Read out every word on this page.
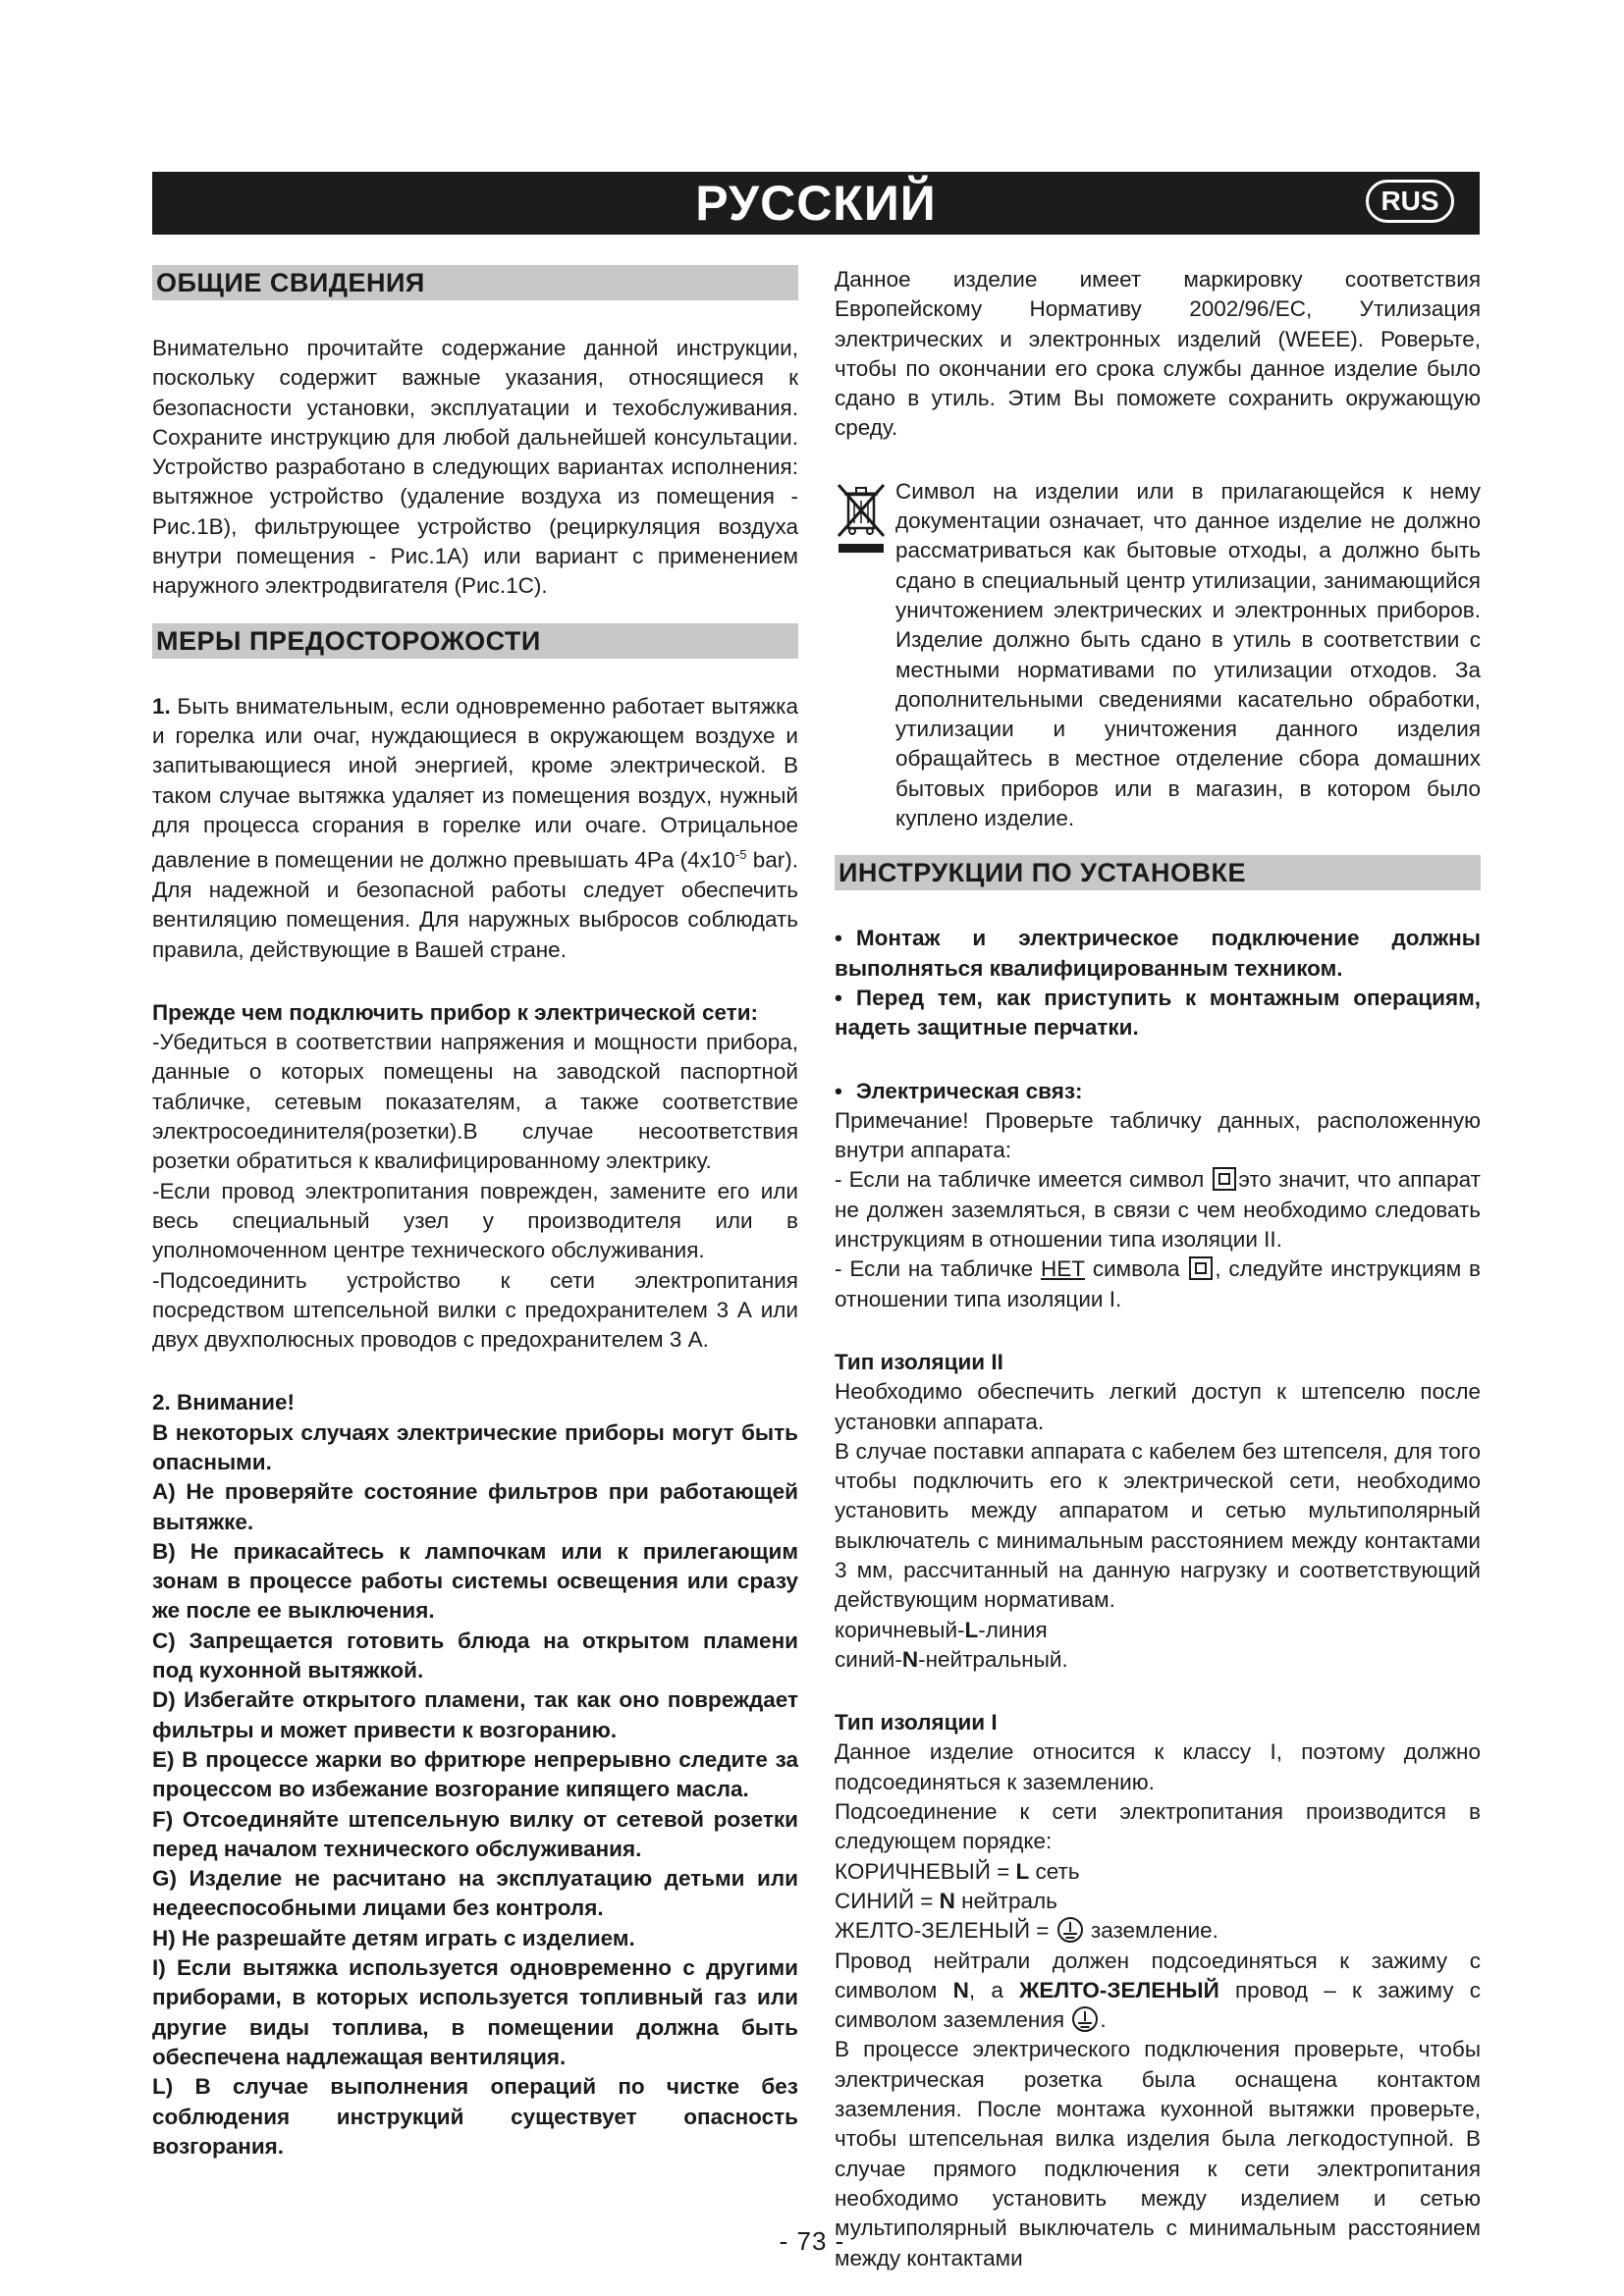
РУССКИЙ	RUS
ОБЩИЕ СВИДЕНИЯ

Внимательно прочитайте содержание данной инструкции, поскольку содержит важные указания, относящиеся к безопасности установки, эксплуатации и техобслуживания. Сохраните инструкцию для любой дальнейшей консультации. Устройство разработано в следующих вариантах исполнения: вытяжное устройство (удаление воздуха из помещения - Рис.1B), фильтрующее устройство (рециркуляция воздуха внутри помещения - Рис.1A) или вариант с применением наружного электродвигателя (Рис.1C).

МЕРЫ ПРЕДОСТОРОЖОСТИ

1. Быть внимательным, если одновременно работает вытяжка и горелка или очаг, нуждающиеся в окружающем воздухе и запитывающиеся иной энергией, кроме электрической. В таком случае вытяжка удаляет из помещения воздух, нужный для процесса сгорания в горелке или очаге. Отрицальное давление в помещении не должно превышать 4Pa ($4x10^{-5}$ bar). Для надежной и безопасной работы следует обеспечить вентиляцию помещения. Для наружных выбросов соблюдать правила, действующие в Вашей стране.

Прежде чем подключить прибор к электрической сети:

-Убедиться в соответствии напряжения и мощности прибора, данные о которых помещены на заводской паспортной табличке, сетевым показателям, а также соответствие электросоединителя(розетки).В случае несоответствия розетки обратиться к квалифицированному электрику.

-Если провод электропитания поврежден, замените его или весь специальный узел у производителя или в уполномоченном центре технического обслуживания.

-Подсоединить устройство к сети электропитания посредством штепсельной вилки с предохранителем 3 А или двух двухполюсных проводов с предохранителем 3 А.

2. Внимание!

В некоторых случаях электрические приборы могут быть опасными.

A) Не проверяйте состояние фильтров при работающей вытяжке.

B) Не прикасайтесь к лампочкам или к прилегающим зонам в процессе работы системы освещения или сразу же после ее выключения.

C) Запрещается готовить блюда на открытом пламени под кухонной вытяжкой.

D) Избегайте открытого пламени, так как оно повреждает фильтры и может привести к возгоранию.

E) В процессе жарки во фритюре непрерывно следите за процессом во избежание возгорание кипящего масла.

F) Отсоединяйте штепсельную вилку от сетевой розетки перед началом технического обслуживания.

G) Изделие не расчитано на эксплуатацию детьми или недееспособными лицами без контроля.

H) Не разрешайте детям играть с изделием.

I) Если вытяжка используется одновременно с другими приборами, в которых используется топливный газ или другие виды топлива, в помещении должна быть обеспечена надлежащая вентиляция.

L) В случае выполнения операций по чистке без соблюдения инструкций существует опасность возгорания.

Данное изделие имеет маркировку соответствия Европейскому Нормативу 2002/96/EC, Утилизация электрических и электронных изделий (WEEE). Роверьте, чтобы по окончании его срока службы данное изделие было сдано в утиль. Этим Вы поможете сохранить окружающую среду.

Символ на изделии или в прилагающейся к нему документации означает, что данное изделие не должно рассматриваться как бытовые отходы, а должно быть сдано в специальный центр утилизации, занимающийся уничтожением электрических и электронных приборов. Изделие должно быть сдано в утиль в соответствии с местными нормативами по утилизации отходов. За дополнительными сведениями касательно обработки, утилизации и уничтожения данного изделия обращайтесь в местное отделение сбора домашних бытовых приборов или в магазин, в котором было куплено изделие.

ИНСТРУКЦИИ ПО УСТАНОВКЕ

• Монтаж и электрическое подключение должны выполняться квалифицированным техником.

• Перед тем, как приступить к монтажным операциям, надеть защитные перчатки.

• Электрическая связ:

Примечание! Проверьте табличку данных, расположенную внутри аппарата:

- Если на табличке имеется символ это значит, что аппарат не должен заземляться, в связи с чем необходимо следовать инструкциям в отношении типа изоляции II.

- Если на табличке НЕТ символа , следуйте инструкциям в отношении типа изоляции I.

Тип изоляции II

Необходимо обеспечить легкий доступ к штепселю после установки аппарата.

В случае поставки аппарата с кабелем без штепселя, для того чтобы подключить его к электрической сети, необходимо установить между аппаратом и сетью мультиполярный выключатель с минимальным расстоянием между контактами 3 мм, рассчитанный на данную нагрузку и соответствующий действующим нормативам.

коричневый-L-линия

синий-N-нейтральный.

Тип изоляции I

Данное изделие относится к классу I, поэтому должно подсоединяться к заземлению.

Подсоединение к сети электропитания производится в следующем порядке:

КОРИЧНЕВЫЙ = L сеть

СИНИЙ = N нейтраль

ЖЕЛТО-ЗЕЛЕНЫЙ =
заземление.

Провод нейтрали должен подсоединяться к зажиму с символом N, а ЖЕЛТО-ЗЕЛЕНЫЙ провод – к зажиму с символом заземления
.

В процессе электрического подключения проверьте, чтобы электрическая розетка была оснащена контактом заземления. После монтажа кухонной вытяжки проверьте, чтобы штепсельная вилка изделия была легкодоступной. В случае прямого подключения к сети электропитания необходимо установить между изделием и сетью мультиполярный выключатель с минимальным расстоянием между контактами

- 73 -
